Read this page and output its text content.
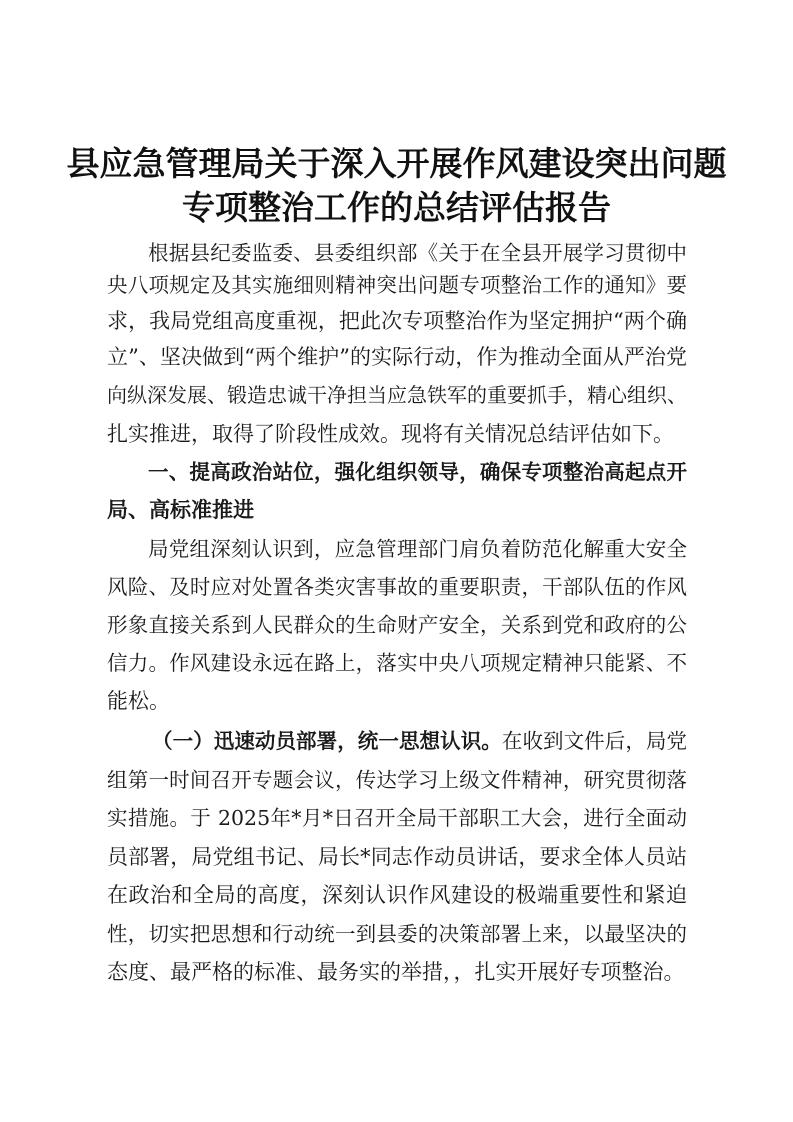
县应急管理局关于深入开展作风建设突出问题
专项整治工作的总结评估报告
根据县纪委监委、县委组织部《关于在全县开展学习贯彻中
央八项规定及其实施细则精神突出问题专项整治工作的通知》要
求，我局党组高度重视，把此次专项整治作为坚定拥护“两个确
立”、坚决做到“两个维护”的实际行动，作为推动全面从严治党
向纵深发展、锻造忠诚干净担当应急铁军的重要抓手，精心组织、
扎实推进，取得了阶段性成效。现将有关情况总结评估如下。
一、提高政治站位，强化组织领导，确保专项整治高起点开
局、高标准推进
局党组深刻认识到，应急管理部门肩负着防范化解重大安全
风险、及时应对处置各类灾害事故的重要职责，干部队伍的作风
形象直接关系到人民群众的生命财产安全，关系到党和政府的公
信力。作风建设永远在路上，落实中央八项规定精神只能紧、不
能松。
（一）迅速动员部署，统一思想认识。在收到文件后，局党
组第一时间召开专题会议，传达学习上级文件精神，研究贯彻落
实措施。于 2025年*月*日召开全局干部职工大会，进行全面动
员部署，局党组书记、局长*同志作动员讲话，要求全体人员站
在政治和全局的高度，深刻认识作风建设的极端重要性和紧迫
性，切实把思想和行动统一到县委的决策部署上来，以最坚决的
态度、最严格的标准、最务实的举措，，扎实开展好专项整治。
